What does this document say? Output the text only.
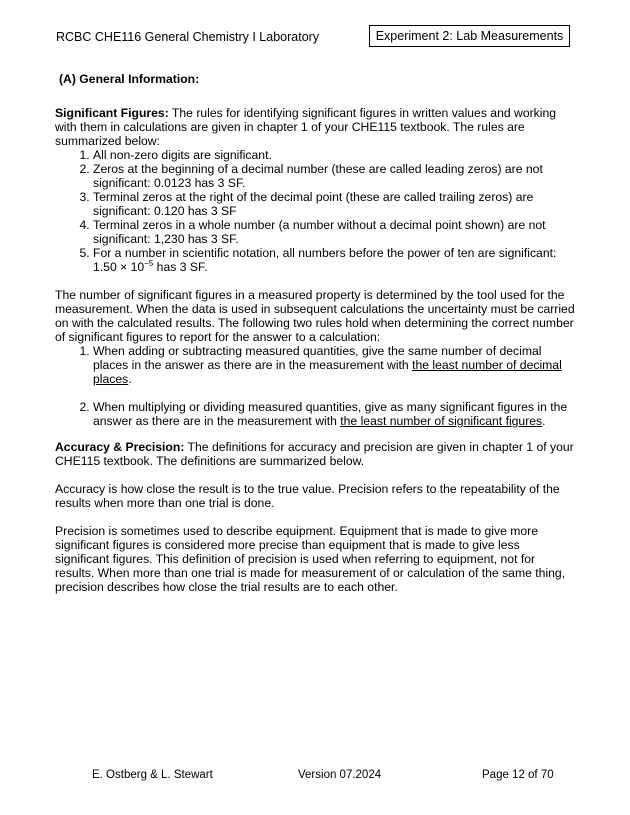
RCBC CHE116 General Chemistry I Laboratory	Experiment 2: Lab Measurements
(A) General Information:

Significant Figures: The rules for identifying significant figures in written values and working with them in calculations are given in chapter 1 of your CHE115 textbook. The rules are summarized below:

1. All non-zero digits are significant.
2. Zeros at the beginning of a decimal number (these are called leading zeros) are not significant: 0.0123 has 3 SF.
3. Terminal zeros at the right of the decimal point (these are called trailing zeros) are significant: 0.120 has 3 SF
4. Terminal zeros in a whole number (a number without a decimal point shown) are not significant: 1,230 has 3 SF.
5. For a number in scientific notation, all numbers before the power of ten are significant: $1.50 \times 10^{-5}$ has 3 SF.

The number of significant figures in a measured property is determined by the tool used for the measurement. When the data is used in subsequent calculations the uncertainty must be carried on with the calculated results. The following two rules hold when determining the correct number of significant figures to report for the answer to a calculation:

1. When adding or subtracting measured quantities, give the same number of decimal places in the answer as there are in the measurement with the least number of decimal places.
2. When multiplying or dividing measured quantities, give as many significant figures in the answer as there are in the measurement with the least number of significant figures.

Accuracy & Precision: The definitions for accuracy and precision are given in chapter 1 of your CHE115 textbook. The definitions are summarized below.

Accuracy is how close the result is to the true value. Precision refers to the repeatability of the results when more than one trial is done.

Precision is sometimes used to describe equipment. Equipment that is made to give more significant figures is considered more precise than equipment that is made to give less significant figures. This definition of precision is used when referring to equipment, not for results. When more than one trial is made for measurement of or calculation of the same thing, precision describes how close the trial results are to each other.

E. Ostberg & L. Stewart	Version 07.2024	Page 12 of 70
